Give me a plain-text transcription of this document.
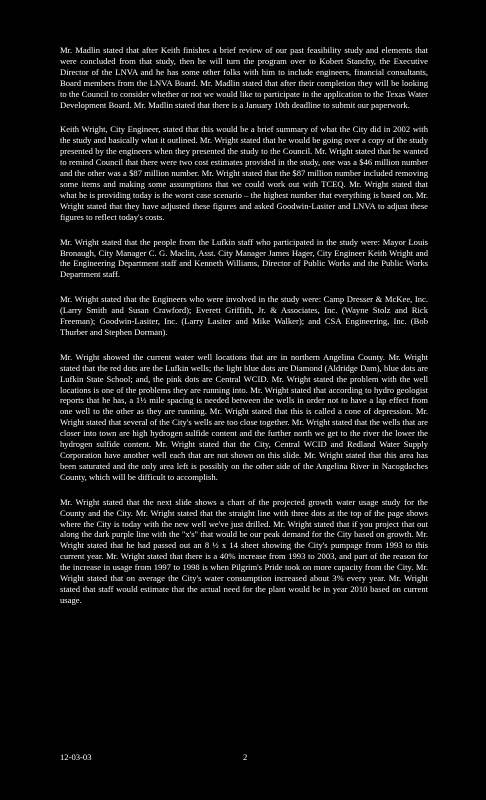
Mr. Madlin stated that after Keith finishes a brief review of our past feasibility study and elements that were concluded from that study, then he will turn the program over to Kobert Stanchy, the Executive Director of the LNVA and he has some other folks with him to include engineers, financial consultants, Board members from the LNVA Board. Mr. Madlin stated that after their completion they will be looking to the Council to consider whether or not we would like to participate in the application to the Texas Water Development Board. Mr. Madlin stated that there is a January 10th deadline to submit our paperwork.

Keith Wright, City Engineer, stated that this would be a brief summary of what the City did in 2002 with the study and basically what it outlined. Mr. Wright stated that he would be going over a copy of the study presented by the engineers when they presented the study to the Council. Mr. Wright stated that he wanted to remind Council that there were two cost estimates provided in the study, one was a $46 million number and the other was a $87 million number. Mr. Wright stated that the $87 million number included removing some items and making some assumptions that we could work out with TCEQ. Mr. Wright stated that what he is providing today is the worst case scenario – the highest number that everything is based on. Mr. Wright stated that they have adjusted these figures and asked Goodwin-Lasiter and LNVA to adjust these figures to reflect today's costs.

Mr. Wright stated that the people from the Lufkin staff who participated in the study were: Mayor Louis Bronaugh, City Manager C. G. Maclin, Asst. City Manager James Hager, City Engineer Keith Wright and the Engineering Department staff and Kenneth Williams, Director of Public Works and the Public Works Department staff.

Mr. Wright stated that the Engineers who were involved in the study were: Camp Dresser & McKee, Inc. (Larry Smith and Susan Crawford); Everett Griffith, Jr. & Associates, Inc. (Wayne Stolz and Rick Freeman); Goodwin-Lasiter, Inc. (Larry Lasiter and Mike Walker); and CSA Engineering, Inc. (Bob Thurber and Stephen Dorman).

Mr. Wright showed the current water well locations that are in northern Angelina County. Mr. Wright stated that the red dots are the Lufkin wells; the light blue dots are Diamond (Aldridge Dam), blue dots are Lufkin State School; and, the pink dots are Central WCID. Mr. Wright stated the problem with the well locations is one of the problems they are running into. Mr. Wright stated that according to hydro geologist reports that he has, a 1½ mile spacing is needed between the wells in order not to have a lap effect from one well to the other as they are running. Mr. Wright stated that this is called a cone of depression. Mr. Wright stated that several of the City's wells are too close together. Mr. Wright stated that the wells that are closer into town are high hydrogen sulfide content and the further north we get to the river the lower the hydrogen sulfide content. Mr. Wright stated that the City, Central WCID and Redland Water Supply Corporation have another well each that are not shown on this slide. Mr. Wright stated that this area has been saturated and the only area left is possibly on the other side of the Angelina River in Nacogdoches County, which will be difficult to accomplish.

Mr. Wright stated that the next slide shows a chart of the projected growth water usage study for the County and the City. Mr. Wright stated that the straight line with three dots at the top of the page shows where the City is today with the new well we've just drilled. Mr. Wright stated that if you project that out along the dark purple line with the "x's" that would be our peak demand for the City based on growth. Mr. Wright stated that he had passed out an 8 ½ x 14 sheet showing the City's pumpage from 1993 to this current year. Mr. Wright stated that there is a 40% increase from 1993 to 2003, and part of the reason for the increase in usage from 1997 to 1998 is when Pilgrim's Pride took on more capacity from the City. Mr. Wright stated that on average the City's water consumption increased about 3% every year. Mr. Wright stated that staff would estimate that the actual need for the plant would be in year 2010 based on current usage.

12-03-03	2
